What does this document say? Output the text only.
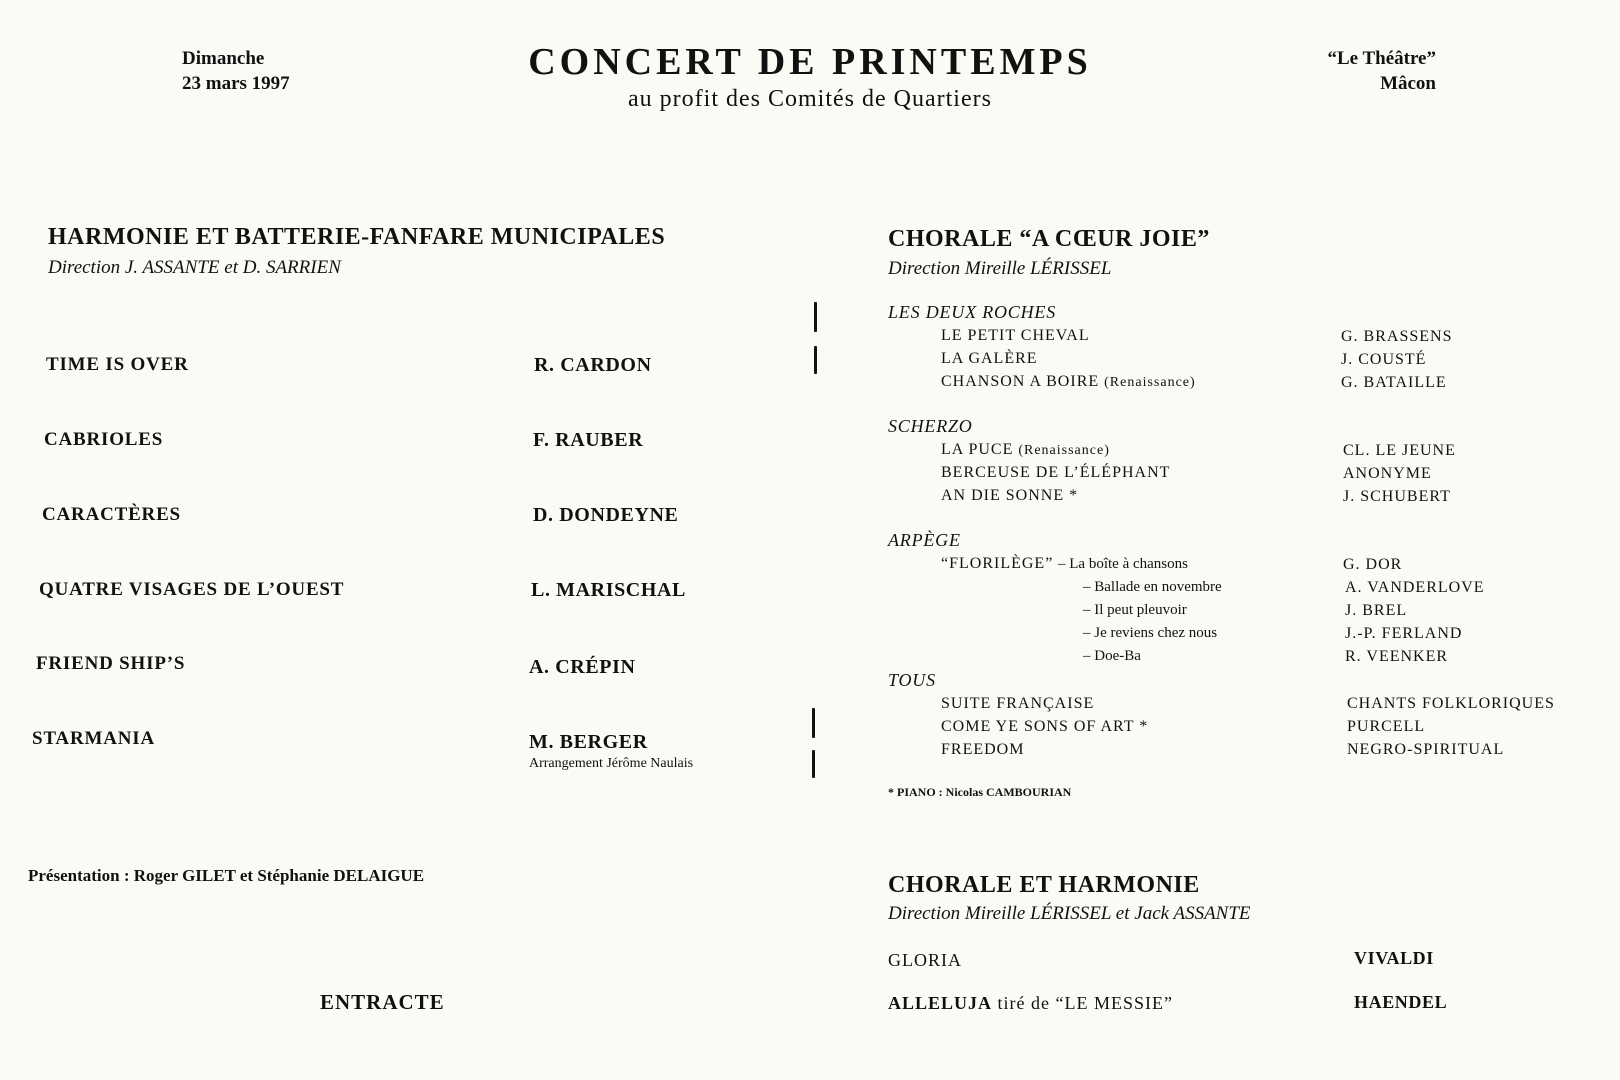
Dimanche
23 mars 1997
CONCERT DE PRINTEMPS
au profit des Comités de Quartiers
“Le Théâtre”
Mâcon
HARMONIE ET BATTERIE-FANFARE MUNICIPALES
Direction J. ASSANTE et D. SARRIEN
TIME IS OVER	R. CARDON
CABRIOLES	F. RAUBER
CARACTÈRES	D. DONDEYNE
QUATRE VISAGES DE L’OUEST	L. MARISCHAL
FRIEND SHIP’S	A. CRÉPIN
STARMANIA	M. BERGER
Arrangement Jérôme Naulais
Présentation : Roger GILET et Stéphanie DELAIGUE
ENTRACTE
CHORALE “A CŒUR JOIE”
Direction Mireille LÉRISSEL
LES DEUX ROCHES
LE PETIT CHEVAL	G. BRASSENS
LA GALÈRE	J. COUSTÉ
CHANSON A BOIRE (Renaissance)	G. BATAILLE
SCHERZO
LA PUCE (Renaissance)	CL. LE JEUNE
BERCEUSE DE L’ÉLÉPHANT	ANONYME
AN DIE SONNE *	J. SCHUBERT
ARPÈGE
“FLORILÈGE” – La boîte à chansons	G. DOR
– Ballade en novembre	A. VANDERLOVE
– Il peut pleuvoir	J. BREL
– Je reviens chez nous	J.-P. FERLAND
– Doe-Ba	R. VEENKER
TOUS
SUITE FRANÇAISE	CHANTS FOLKLORIQUES
COME YE SONS OF ART *	PURCELL
FREEDOM	NEGRO-SPIRITUAL
* PIANO : Nicolas CAMBOURIAN
CHORALE ET HARMONIE
Direction Mireille LÉRISSEL et Jack ASSANTE
GLORIA	VIVALDI
ALLELUJA tiré de “LE MESSIE”	HAENDEL
